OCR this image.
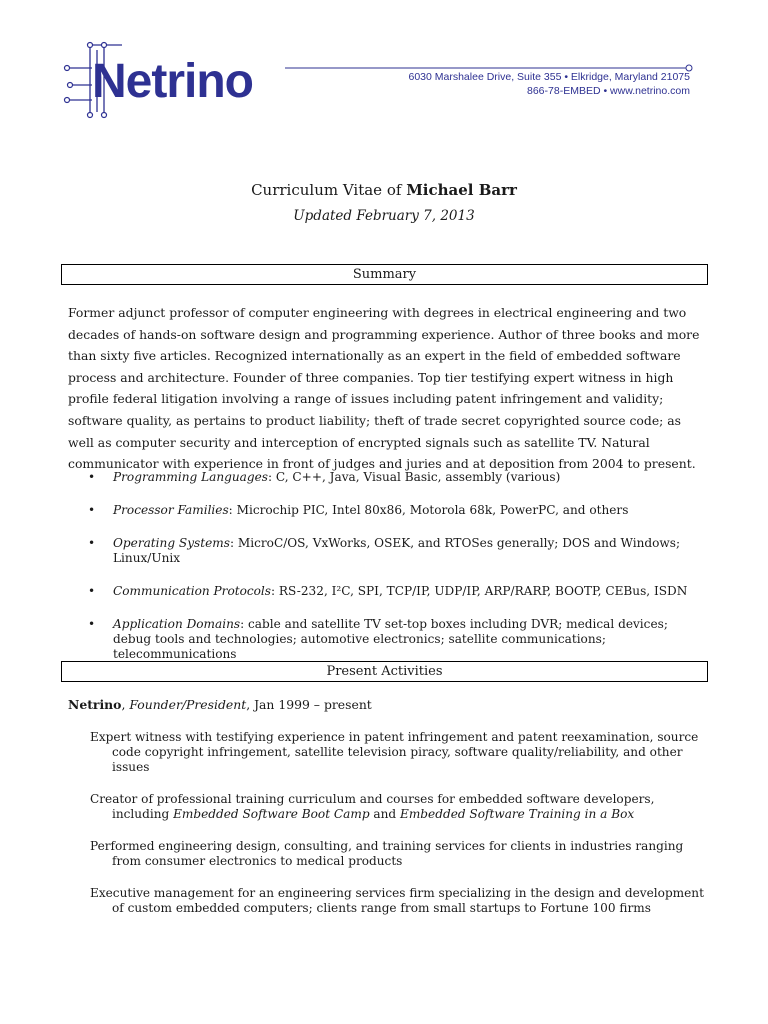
Netrino	6030 Marshalee Drive, Suite 355 • Elkridge, Maryland 21075
866-78-EMBED • www.netrino.com
Curriculum Vitae of Michael Barr
Updated February 7, 2013
Summary
Former adjunct professor of computer engineering with degrees in electrical engineering and two decades of hands-on software design and programming experience. Author of three books and more than sixty five articles. Recognized internationally as an expert in the field of embedded software process and architecture. Founder of three companies. Top tier testifying expert witness in high profile federal litigation involving a range of issues including patent infringement and validity; software quality, as pertains to product liability; theft of trade secret copyrighted source code; as well as computer security and interception of encrypted signals such as satellite TV. Natural communicator with experience in front of judges and juries and at deposition from 2004 to present.
• Programming Languages: C, C++, Java, Visual Basic, assembly (various)
• Processor Families: Microchip PIC, Intel 80x86, Motorola 68k, PowerPC, and others
• Operating Systems: MicroC/OS, VxWorks, OSEK, and RTOSes generally; DOS and Windows; Linux/Unix
• Communication Protocols: RS-232, I²C, SPI, TCP/IP, UDP/IP, ARP/RARP, BOOTP, CEBus, ISDN
• Application Domains: cable and satellite TV set-top boxes including DVR; medical devices; debug tools and technologies; automotive electronics; satellite communications; telecommunications
Present Activities
Netrino, Founder/President, Jan 1999 – present
Expert witness with testifying experience in patent infringement and patent reexamination, source code copyright infringement, satellite television piracy, software quality/reliability, and other issues
Creator of professional training curriculum and courses for embedded software developers, including Embedded Software Boot Camp and Embedded Software Training in a Box
Performed engineering design, consulting, and training services for clients in industries ranging from consumer electronics to medical products
Executive management for an engineering services firm specializing in the design and development of custom embedded computers; clients range from small startups to Fortune 100 firms
